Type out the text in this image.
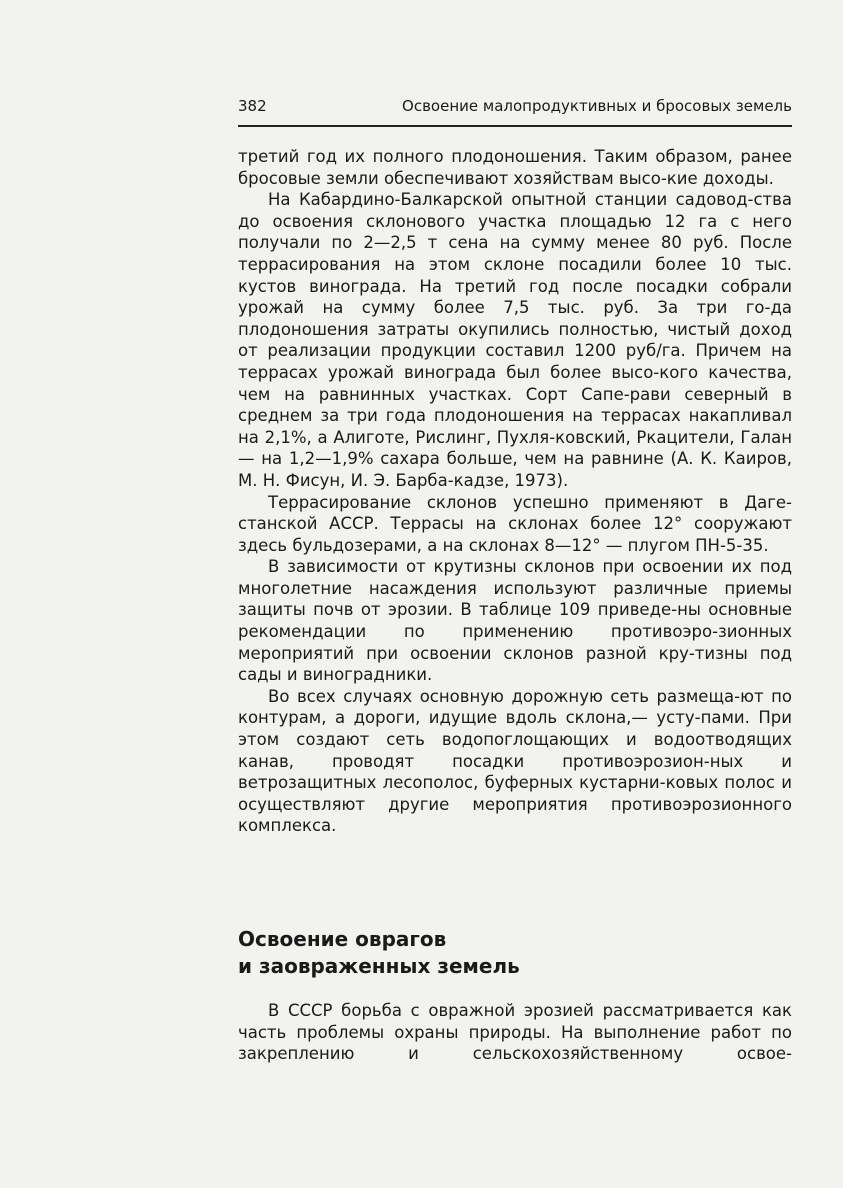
382	Освоение малопродуктивных и бросовых земель

третий год их полного плодоношения. Таким образом, ранее бросовые земли обеспечивают хозяйствам высо-кие доходы.

На Кабардино-Балкарской опытной станции садовод-ства до освоения склонового участка площадью 12 га с него получали по 2—2,5 т сена на сумму менее 80 руб. После террасирования на этом склоне посадили более 10 тыс. кустов винограда. На третий год после посадки собрали урожай на сумму более 7,5 тыс. руб. За три го-да плодоношения затраты окупились полностью, чистый доход от реализации продукции составил 1200 руб/га. Причем на террасах урожай винограда был более высо-кого качества, чем на равнинных участках. Сорт Сапе-рави северный в среднем за три года плодоношения на террасах накапливал на 2,1%, а Алиготе, Рислинг, Пухля-ковский, Ркацители, Галан — на 1,2—1,9% сахара больше, чем на равнине (А. К. Каиров, М. Н. Фисун, И. Э. Барба-кадзе, 1973).

Террасирование склонов успешно применяют в Даге-станской АССР. Террасы на склонах более 12° сооружают здесь бульдозерами, а на склонах 8—12° — плугом ПН-5-35.

В зависимости от крутизны склонов при освоении их под многолетние насаждения используют различные приемы защиты почв от эрозии. В таблице 109 приведе-ны основные рекомендации по применению противоэро-зионных мероприятий при освоении склонов разной кру-тизны под сады и виноградники.

Во всех случаях основную дорожную сеть размеща-ют по контурам, а дороги, идущие вдоль склона,— усту-пами. При этом создают сеть водопоглощающих и водоотводящих канав, проводят посадки противоэрозион-ных и ветрозащитных лесополос, буферных кустарни-ковых полос и осуществляют другие мероприятия противоэрозионного комплекса.

Освоение оврагов
и заовраженных земель

В СССР борьба с овражной эрозией рассматривается как часть проблемы охраны природы. На выполнение работ по закреплению и сельскохозяйственному освое-
